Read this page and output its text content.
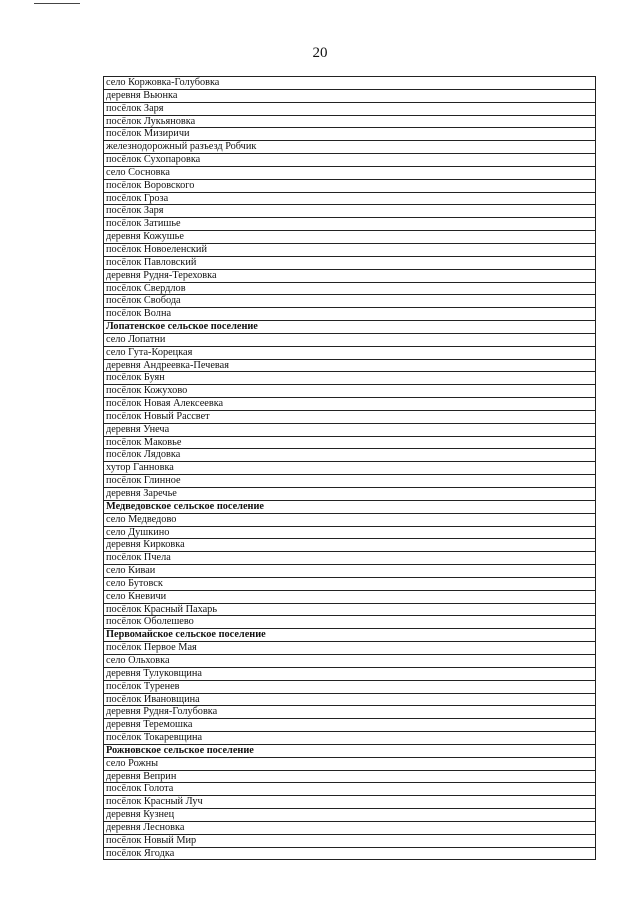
20
село Коржовка-Голубовка
деревня Вьюнка
посёлок Заря
посёлок Лукьяновка
посёлок Мизиричи
железнодорожный разъезд Робчик
посёлок Сухопаровка
село Сосновка
посёлок Воровского
посёлок Гроза
посёлок Заря
посёлок Затишье
деревня Кожушье
посёлок Новоеленский
посёлок Павловский
деревня Рудня-Тереховка
посёлок Свердлов
посёлок Свобода
посёлок Волна
Лопатенское сельское поселение
село Лопатни
село Гута-Корецкая
деревня Андреевка-Печевая
посёлок Буян
посёлок Кожухово
посёлок Новая Алексеевка
посёлок Новый Рассвет
деревня Унеча
посёлок Маковье
посёлок Лядовка
хутор Ганновка
посёлок Глинное
деревня Заречье
Медведовское сельское поселение
село Медведово
село Душкино
деревня Кирковка
посёлок Пчела
село Киваи
село Бутовск
село Кневичи
посёлок Красный Пахарь
посёлок Оболешево
Первомайское сельское поселение
посёлок Первое Мая
село Ольховка
деревня Тулуковщина
посёлок Туренев
посёлок Ивановщина
деревня Рудня-Голубовка
деревня Теремошка
посёлок Токаревщина
Рожновское сельское поселение
село Рожны
деревня Веприн
посёлок Голота
посёлок Красный Луч
деревня Кузнец
деревня Лесновка
посёлок Новый Мир
посёлок Ягодка
